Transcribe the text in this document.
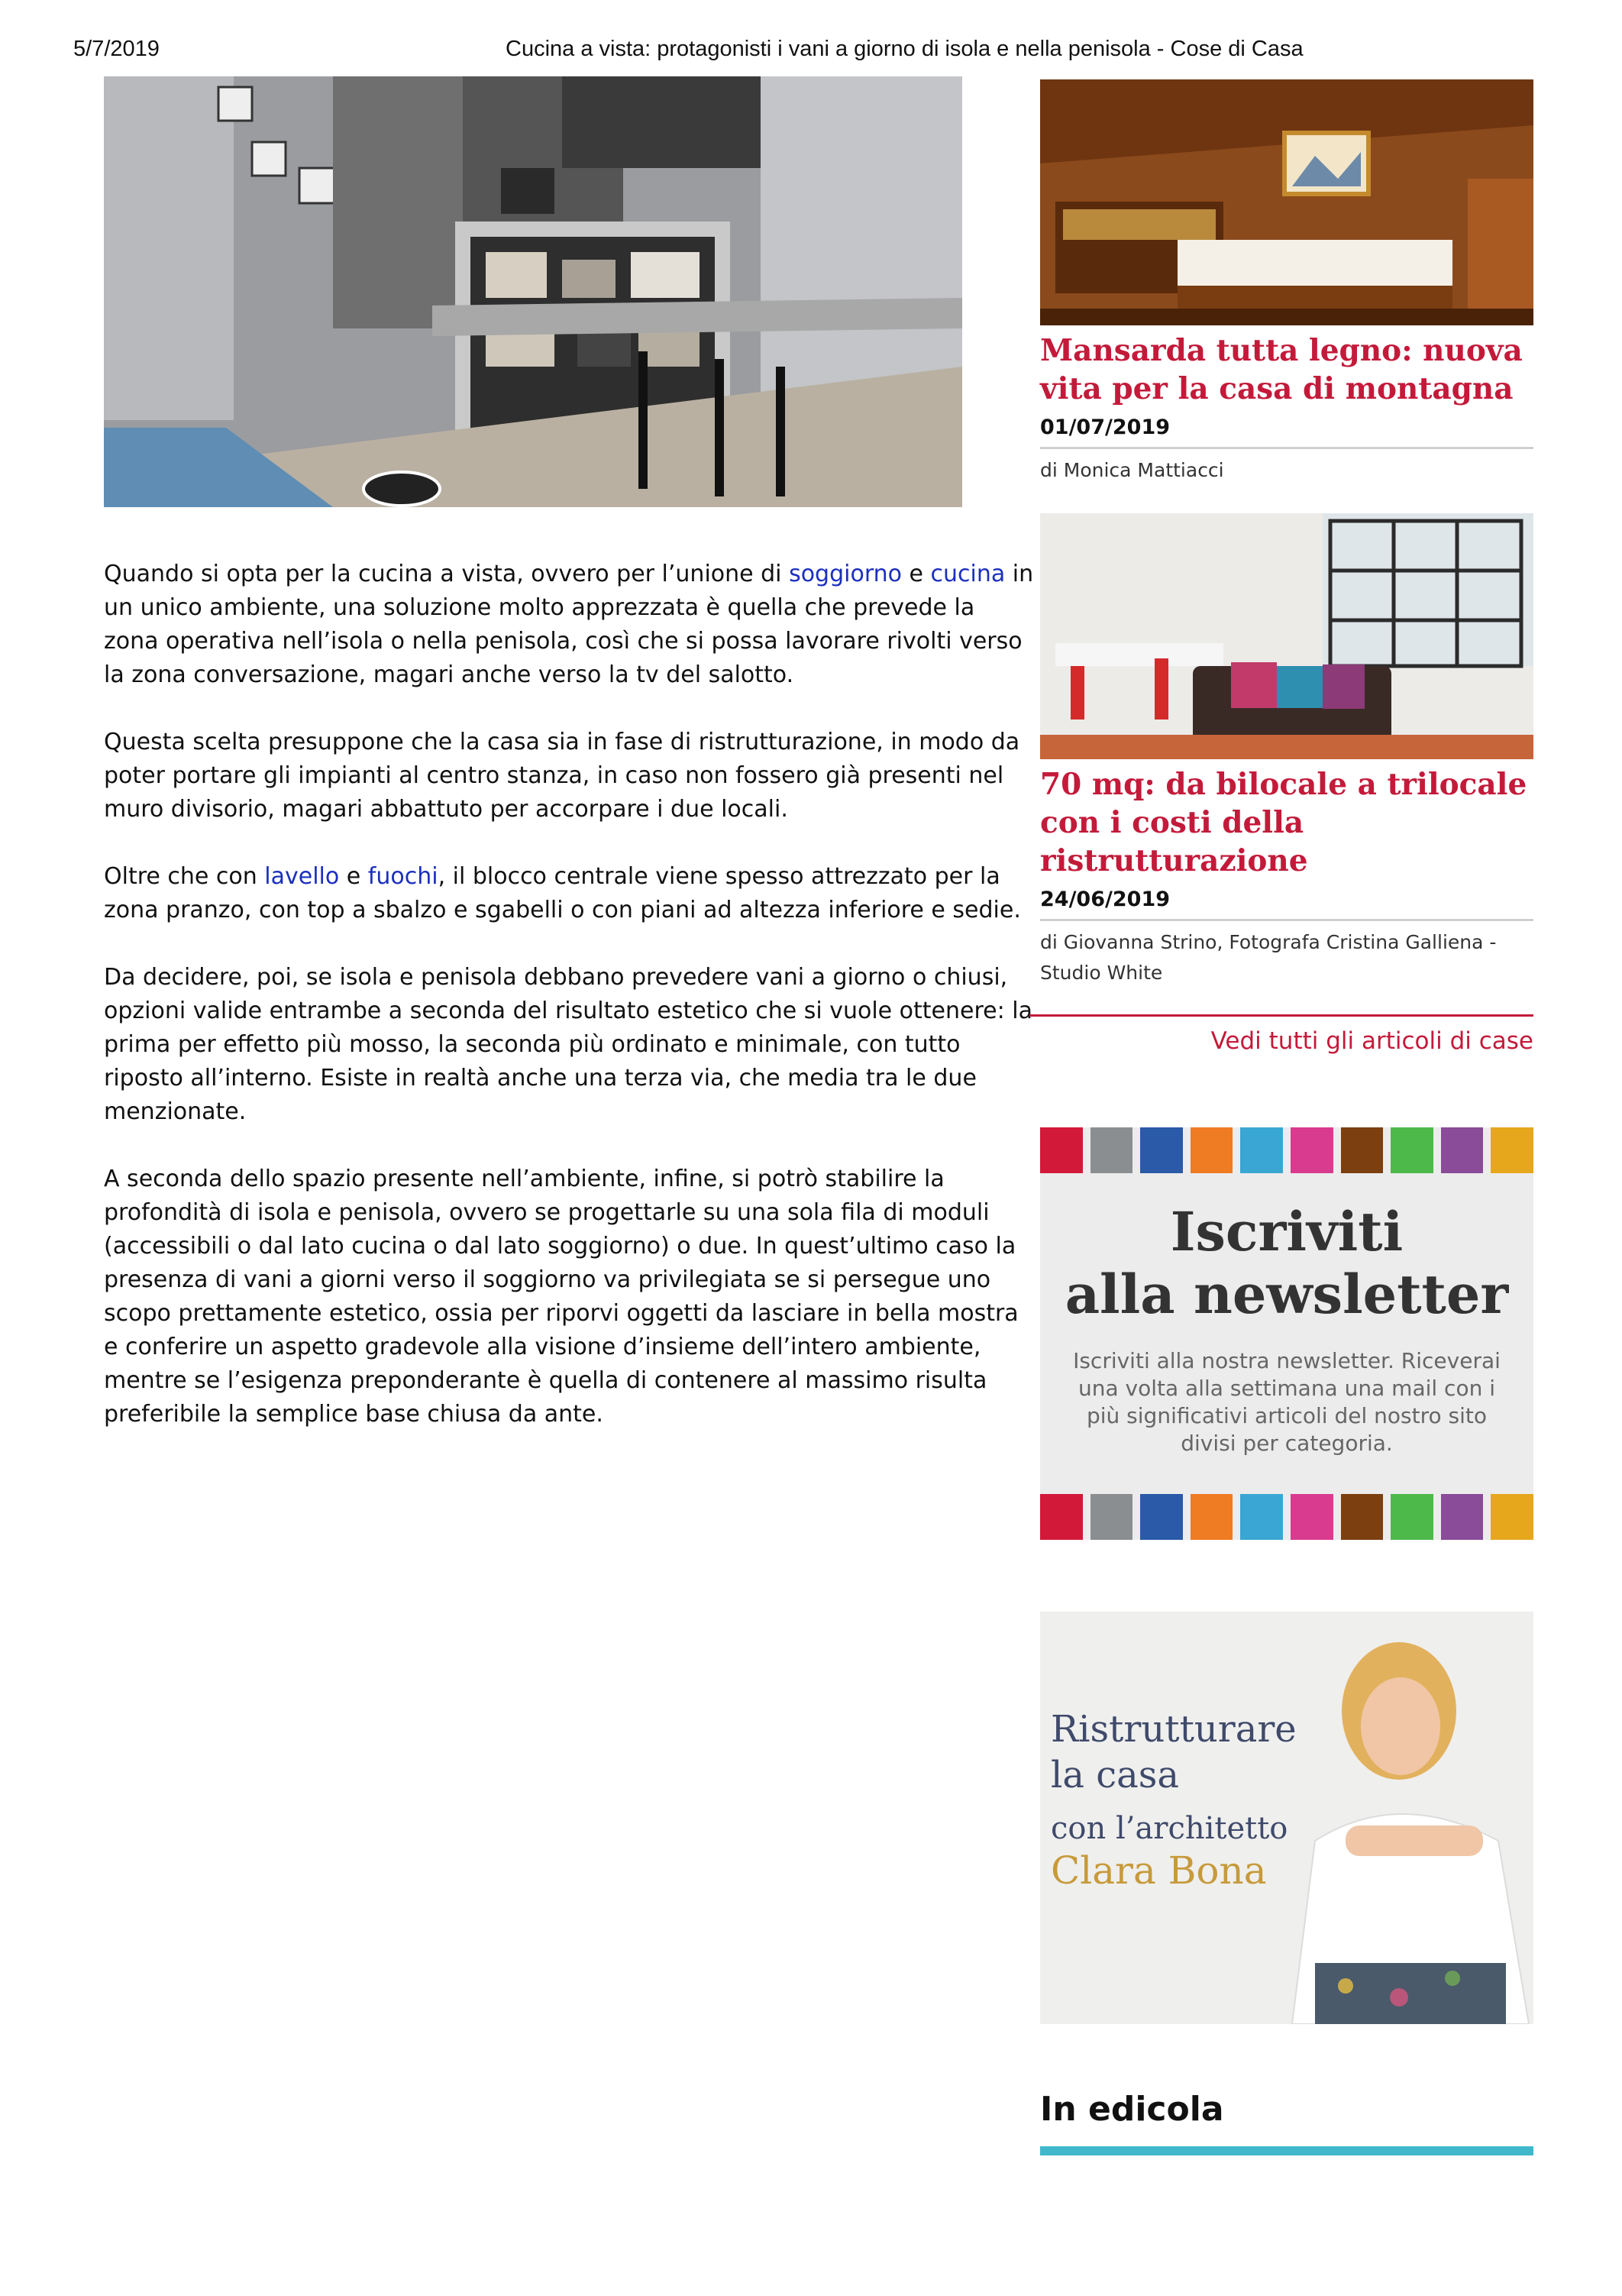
5/7/2019	Cucina a vista: protagonisti i vani a giorno di isola e nella penisola - Cose di Casa

Quando si opta per la cucina a vista, ovvero per l’unione di soggiorno e cucina in un unico ambiente, una soluzione molto apprezzata è quella che prevede la zona operativa nell’isola o nella penisola, così che si possa lavorare rivolti verso la zona conversazione, magari anche verso la tv del salotto.

Questa scelta presuppone che la casa sia in fase di ristrutturazione, in modo da poter portare gli impianti al centro stanza, in caso non fossero già presenti nel muro divisorio, magari abbattuto per accorpare i due locali.

Oltre che con lavello e fuochi, il blocco centrale viene spesso attrezzato per la zona pranzo, con top a sbalzo e sgabelli o con piani ad altezza inferiore e sedie.

Da decidere, poi, se isola e penisola debbano prevedere vani a giorno o chiusi, opzioni valide entrambe a seconda del risultato estetico che si vuole ottenere: la prima per effetto più mosso, la seconda più ordinato e minimale, con tutto riposto all’interno. Esiste in realtà anche una terza via, che media tra le due menzionate.

A seconda dello spazio presente nell’ambiente, infine, si potrò stabilire la profondità di isola e penisola, ovvero se progettarle su una sola fila di moduli (accessibili o dal lato cucina o dal lato soggiorno) o due. In quest’ultimo caso la presenza di vani a giorni verso il soggiorno va privilegiata se si persegue uno scopo prettamente estetico, ossia per riporvi oggetti da lasciare in bella mostra e conferire un aspetto gradevole alla visione d’insieme dell’intero ambiente, mentre se l’esigenza preponderante è quella di contenere al massimo risulta preferibile la semplice base chiusa da ante.

Mansarda tutta legno: nuova vita per la casa di montagna

01/07/2019
di Monica Mattiacci

70 mq: da bilocale a trilocale con i costi della ristrutturazione

24/06/2019
di Giovanna Strino, Fotografa Cristina Galliena - Studio White
Vedi tutti gli articoli di case
Iscriviti
alla newsletter
Iscriviti alla nostra newsletter. Riceverai una volta alla settimana una mail con i più significativi articoli del nostro sito divisi per categoria.
Ristrutturare
la casa
con l’architetto
Clara Bona
In edicola
